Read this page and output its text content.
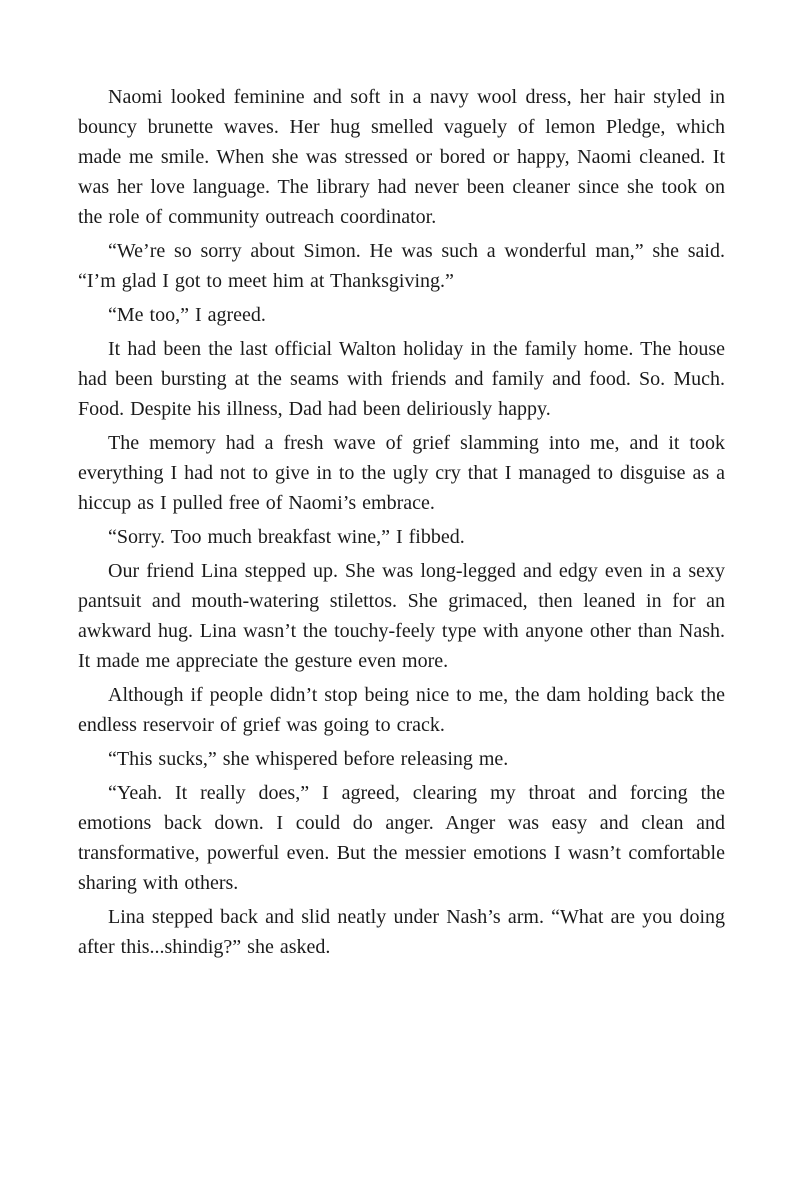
Naomi looked feminine and soft in a navy wool dress, her hair styled in bouncy brunette waves. Her hug smelled vaguely of lemon Pledge, which made me smile. When she was stressed or bored or happy, Naomi cleaned. It was her love language. The library had never been cleaner since she took on the role of community outreach coordinator.

“We’re so sorry about Simon. He was such a wonderful man,” she said. “I’m glad I got to meet him at Thanksgiving.”

“Me too,” I agreed.

It had been the last official Walton holiday in the family home. The house had been bursting at the seams with friends and family and food. So. Much. Food. Despite his illness, Dad had been deliriously happy.

The memory had a fresh wave of grief slamming into me, and it took everything I had not to give in to the ugly cry that I managed to disguise as a hiccup as I pulled free of Naomi’s embrace.

“Sorry. Too much breakfast wine,” I fibbed.

Our friend Lina stepped up. She was long-legged and edgy even in a sexy pantsuit and mouth-watering stilettos. She grimaced, then leaned in for an awkward hug. Lina wasn’t the touchy-feely type with anyone other than Nash. It made me appreciate the gesture even more.

Although if people didn’t stop being nice to me, the dam holding back the endless reservoir of grief was going to crack.

“This sucks,” she whispered before releasing me.

“Yeah. It really does,” I agreed, clearing my throat and forcing the emotions back down. I could do anger. Anger was easy and clean and transformative, powerful even. But the messier emotions I wasn’t comfortable sharing with others.

Lina stepped back and slid neatly under Nash’s arm. “What are you doing after this...shindig?” she asked.
